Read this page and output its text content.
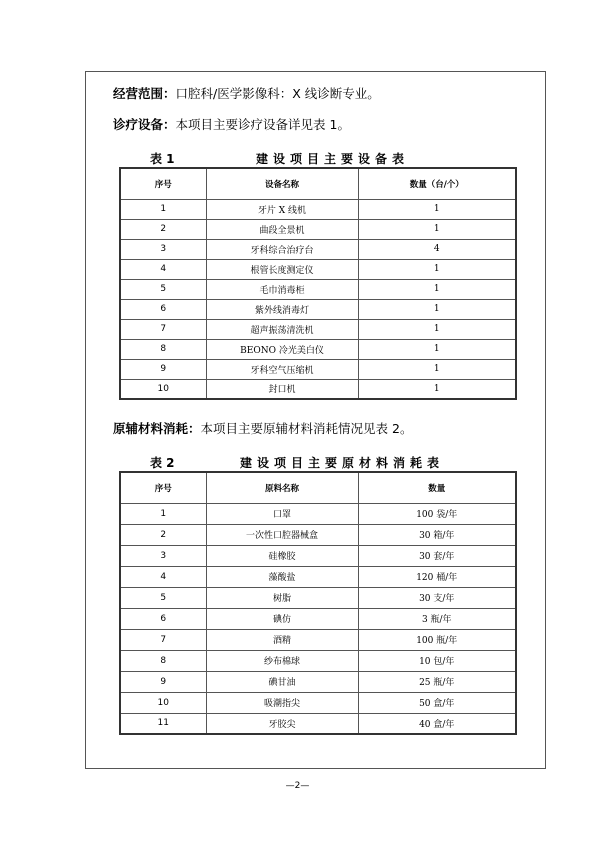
经营范围：口腔科/医学影像科：X 线诊断专业。
诊疗设备：本项目主要诊疗设备详见表 1。
表 1	建设项目主要设备表
序号	设备名称	数量（台/个）
1	牙片 X 线机	1
2	曲段全景机	1
3	牙科综合治疗台	4
4	根管长度测定仪	1
5	毛巾消毒柜	1
6	紫外线消毒灯	1
7	超声振荡清洗机	1
8	BEONO 冷光美白仪	1
9	牙科空气压缩机	1
10	封口机	1
原辅材料消耗：本项目主要原辅材料消耗情况见表 2。
表 2	建设项目主要原材料消耗表
序号	原料名称	数量
1	口罩	100 袋/年
2	一次性口腔器械盒	30 箱/年
3	硅橡胶	30 套/年
4	藻酸盐	120 桶/年
5	树脂	30 支/年
6	碘仿	3 瓶/年
7	酒精	100 瓶/年
8	纱布棉球	10 包/年
9	碘甘油	25 瓶/年
10	吸潮指尖	50 盒/年
11	牙胶尖	40 盒/年
—2—
